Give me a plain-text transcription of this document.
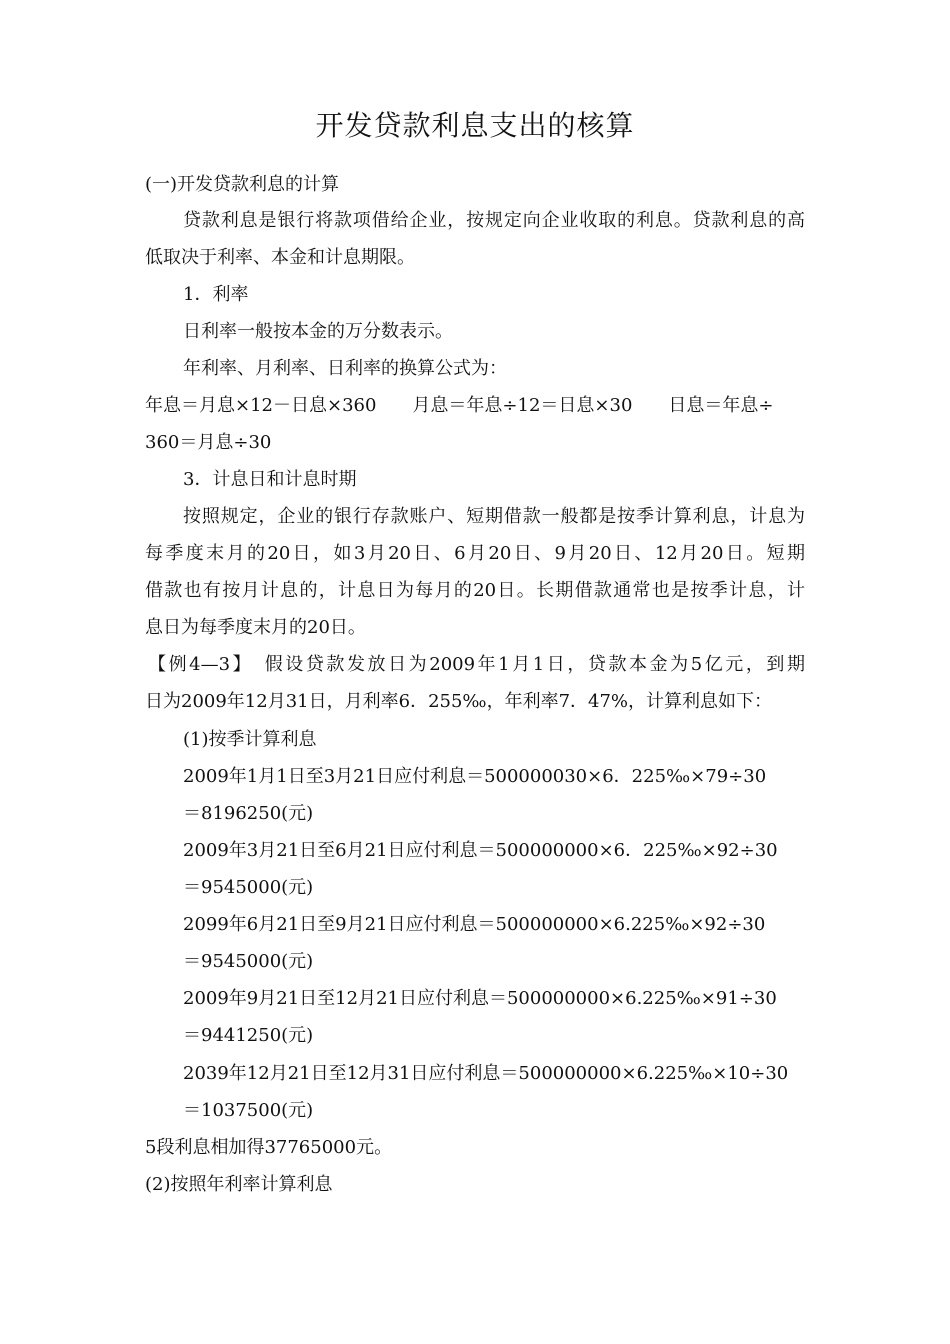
开发贷款利息支出的核算
(一)开发贷款利息的计算
贷款利息是银行将款项借给企业，按规定向企业收取的利息。贷款利息的高
低取决于利率、本金和计息期限。
1．利率
日利率一般按本金的万分数表示。
年利率、月利率、日利率的换算公式为：
年息＝月息×12－日息×360　　月息＝年息÷12＝日息×30　　日息＝年息÷
360＝月息÷30
3．计息日和计息时期
按照规定，企业的银行存款账户、短期借款一般都是按季计算利息，计息为
每季度末月的20日，如3月20日、6月20日、9月20日、12月20日。短期
借款也有按月计息的，计息日为每月的20日。长期借款通常也是按季计息，计
息日为每季度末月的20日。
【例4—3】　假设贷款发放日为2009年1月1日，贷款本金为5亿元，到期
日为2009年12月31日，月利率6．255‰，年利率7．47%，计算利息如下：
(1)按季计算利息
2009年1月1日至3月21日应付利息＝500000030×6．225‰×79÷30
＝8196250(元)
2009年3月21日至6月21日应付利息＝500000000×6．225‰×92÷30
＝9545000(元)
2099年6月21日至9月21日应付利息＝500000000×6.225‰×92÷30
＝9545000(元)
2009年9月21日至12月21日应付利息＝500000000×6.225‰×91÷30
＝9441250(元)
2039年12月21日至12月31日应付利息＝500000000×6.225‰×10÷30
＝1037500(元)
5段利息相加得37765000元。
(2)按照年利率计算利息
